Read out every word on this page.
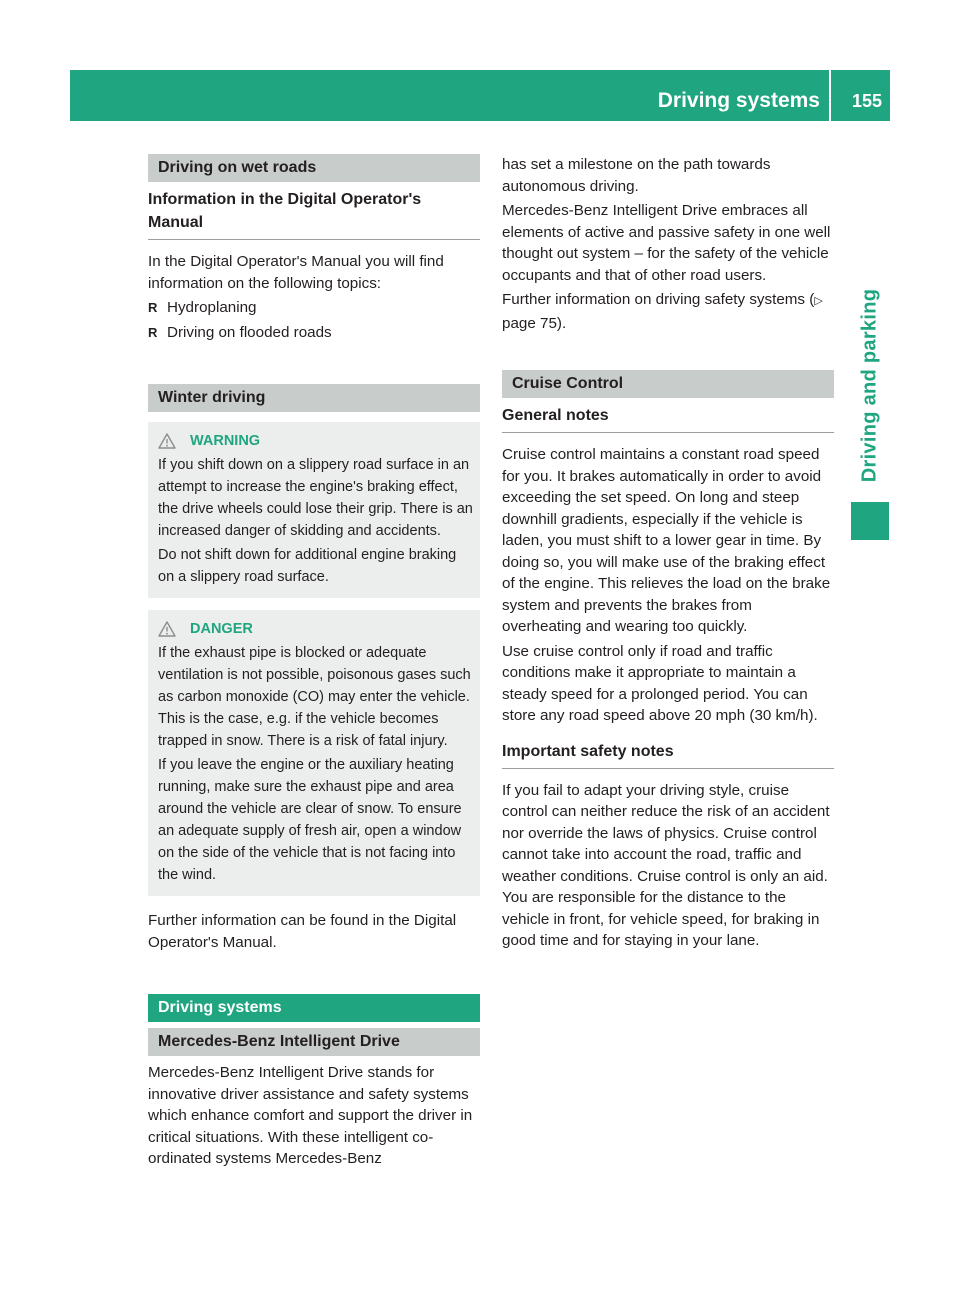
Driving systems 155
Driving and parking
Driving on wet roads
Information in the Digital Operator's Manual

In the Digital Operator's Manual you will find information on the following topics:

R Hydroplaning
R Driving on flooded roads
Winter driving
WARNING

If you shift down on a slippery road surface in an attempt to increase the engine's braking effect, the drive wheels could lose their grip. There is an increased danger of skidding and accidents.

Do not shift down for additional engine braking on a slippery road surface.

DANGER

If the exhaust pipe is blocked or adequate ventilation is not possible, poisonous gases such as carbon monoxide (CO) may enter the vehicle. This is the case, e.g. if the vehicle becomes trapped in snow. There is a risk of fatal injury.

If you leave the engine or the auxiliary heating running, make sure the exhaust pipe and area around the vehicle are clear of snow. To ensure an adequate supply of fresh air, open a window on the side of the vehicle that is not facing into the wind.

Further information can be found in the Digital Operator's Manual.

Driving systems
Mercedes-Benz Intelligent Drive

Mercedes-Benz Intelligent Drive stands for innovative driver assistance and safety systems which enhance comfort and support the driver in critical situations. With these intelligent co-ordinated systems Mercedes-Benz

has set a milestone on the path towards autonomous driving.

Mercedes-Benz Intelligent Drive embraces all elements of active and passive safety in one well thought out system – for the safety of the vehicle occupants and that of other road users.

Further information on driving safety systems (▷ page 75).

Cruise Control
General notes

Cruise control maintains a constant road speed for you. It brakes automatically in order to avoid exceeding the set speed. On long and steep downhill gradients, especially if the vehicle is laden, you must shift to a lower gear in time. By doing so, you will make use of the braking effect of the engine. This relieves the load on the brake system and prevents the brakes from overheating and wearing too quickly.

Use cruise control only if road and traffic conditions make it appropriate to maintain a steady speed for a prolonged period. You can store any road speed above 20 mph (30 km/h).

Important safety notes

If you fail to adapt your driving style, cruise control can neither reduce the risk of an accident nor override the laws of physics. Cruise control cannot take into account the road, traffic and weather conditions. Cruise control is only an aid. You are responsible for the distance to the vehicle in front, for vehicle speed, for braking in good time and for staying in your lane.
